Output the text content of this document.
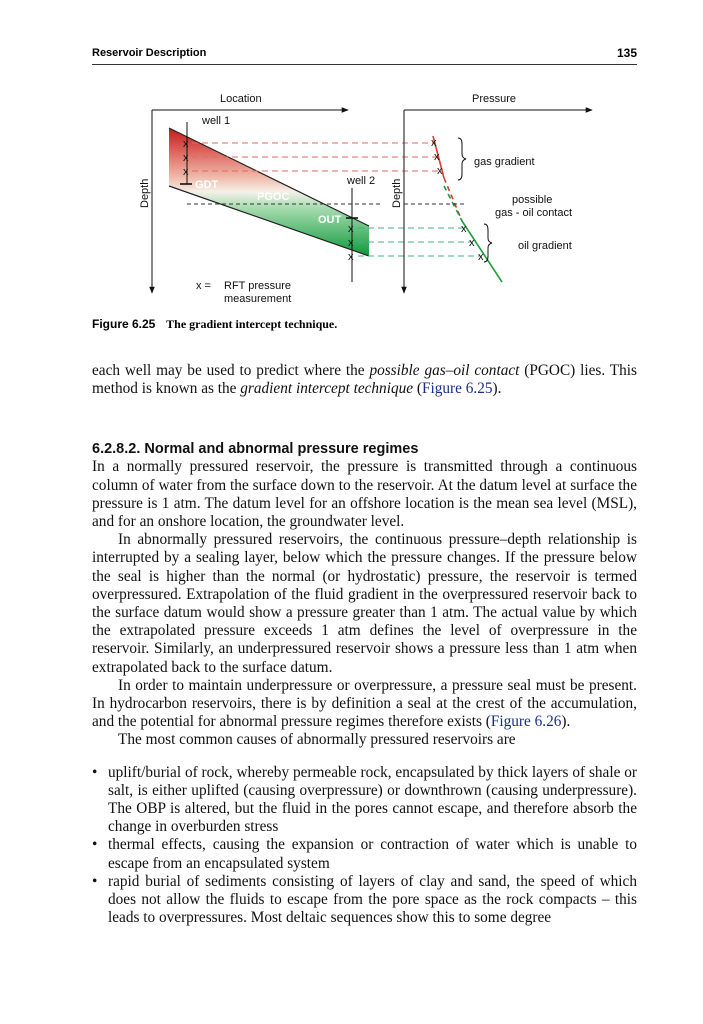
Reservoir Description	135
Location
Depth
well 1
well 2
x
x
x
GDT
PGOC
OUT
x
x
x
x = RFT pressure
measurement
Pressure
Depth
x
x
x
x
x
x
gas gradient
possible
gas - oil contact
oil gradient
Figure 6.25 The gradient intercept technique.

each well may be used to predict where the possible gas–oil contact (PGOC) lies. This method is known as the gradient intercept technique (Figure 6.25).

6.2.8.2. Normal and abnormal pressure regimes

In a normally pressured reservoir, the pressure is transmitted through a continuous column of water from the surface down to the reservoir. At the datum level at surface the pressure is 1 atm. The datum level for an offshore location is the mean sea level (MSL), and for an onshore location, the groundwater level.

In abnormally pressured reservoirs, the continuous pressure–depth relationship is interrupted by a sealing layer, below which the pressure changes. If the pressure below the seal is higher than the normal (or hydrostatic) pressure, the reservoir is termed overpressured. Extrapolation of the fluid gradient in the overpressured reservoir back to the surface datum would show a pressure greater than 1 atm. The actual value by which the extrapolated pressure exceeds 1 atm defines the level of overpressure in the reservoir. Similarly, an underpressured reservoir shows a pressure less than 1 atm when extrapolated back to the surface datum.

In order to maintain underpressure or overpressure, a pressure seal must be present. In hydrocarbon reservoirs, there is by definition a seal at the crest of the accumulation, and the potential for abnormal pressure regimes therefore exists (Figure 6.26).

The most common causes of abnormally pressured reservoirs are

• uplift/burial of rock, whereby permeable rock, encapsulated by thick layers of shale or salt, is either uplifted (causing overpressure) or downthrown (causing underpressure). The OBP is altered, but the fluid in the pores cannot escape, and therefore absorb the change in overburden stress
• thermal effects, causing the expansion or contraction of water which is unable to escape from an encapsulated system
• rapid burial of sediments consisting of layers of clay and sand, the speed of which does not allow the fluids to escape from the pore space as the rock compacts – this leads to overpressures. Most deltaic sequences show this to some degree
